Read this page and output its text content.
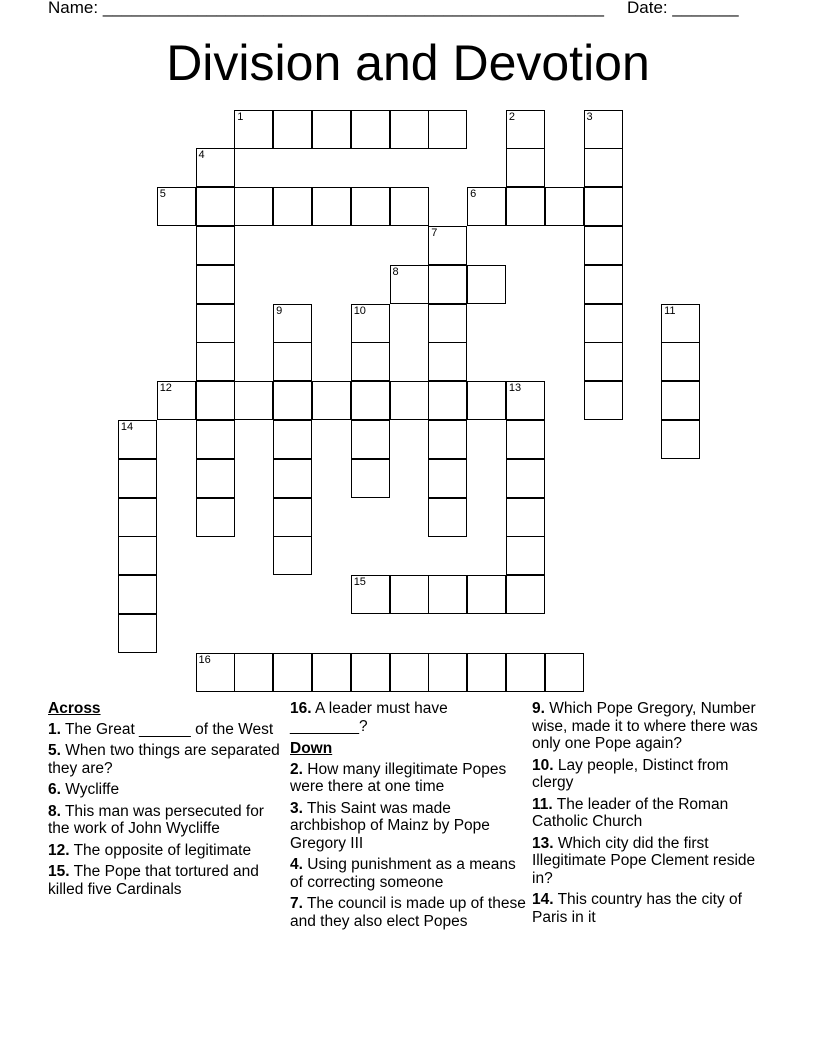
Name: _____________________________________________________ Date: _______
Division and Devotion
1	2	3
4
5	6
7
8
9	10	11
12	13
14
15
16
Across
1. The Great ______ of the West
5. When two things are separated they are?
6. Wycliffe
8. This man was persecuted for the work of John Wycliffe
12. The opposite of legitimate
15. The Pope that tortured and killed five Cardinals
16. A leader must have ________?
Down
2. How many illegitimate Popes were there at one time
3. This Saint was made archbishop of Mainz by Pope Gregory III
4. Using punishment as a means of correcting someone
7. The council is made up of these and they also elect Popes
9. Which Pope Gregory, Number wise, made it to where there was only one Pope again?
10. Lay people, Distinct from clergy
11. The leader of the Roman Catholic Church
13. Which city did the first Illegitimate Pope Clement reside in?
14. This country has the city of Paris in it
